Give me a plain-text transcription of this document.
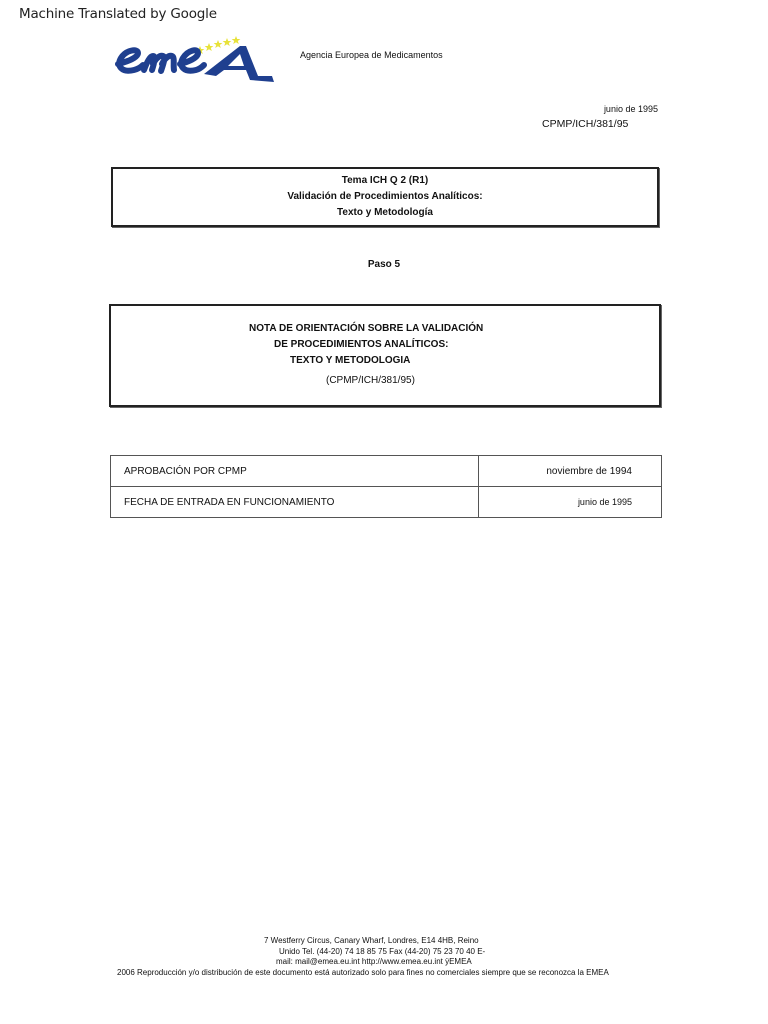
Machine Translated by Google
Agencia Europea de Medicamentos
junio de 1995
CPMP/ICH/381/95
Tema ICH Q 2 (R1)
Validación de Procedimientos Analíticos:
Texto y Metodología
Paso 5
NOTA DE ORIENTACIÓN SOBRE LA VALIDACIÓN
DE PROCEDIMIENTOS ANALÍTICOS:
TEXTO Y METODOLOGIA
(CPMP/ICH/381/95)
APROBACIÓN POR CPMP	noviembre de 1994
FECHA DE ENTRADA EN FUNCIONAMIENTO	junio de 1995
7 Westferry Circus, Canary Wharf, Londres, E14 4HB, Reino
Unido Tel. (44-20) 74 18 85 75 Fax (44-20) 75 23 70 40 E-
mail: mail@emea.eu.int http://www.emea.eu.int ÿEMEA
2006 Reproducción y/o distribución de este documento está autorizado solo para fines no comerciales siempre que se reconozca la EMEA
